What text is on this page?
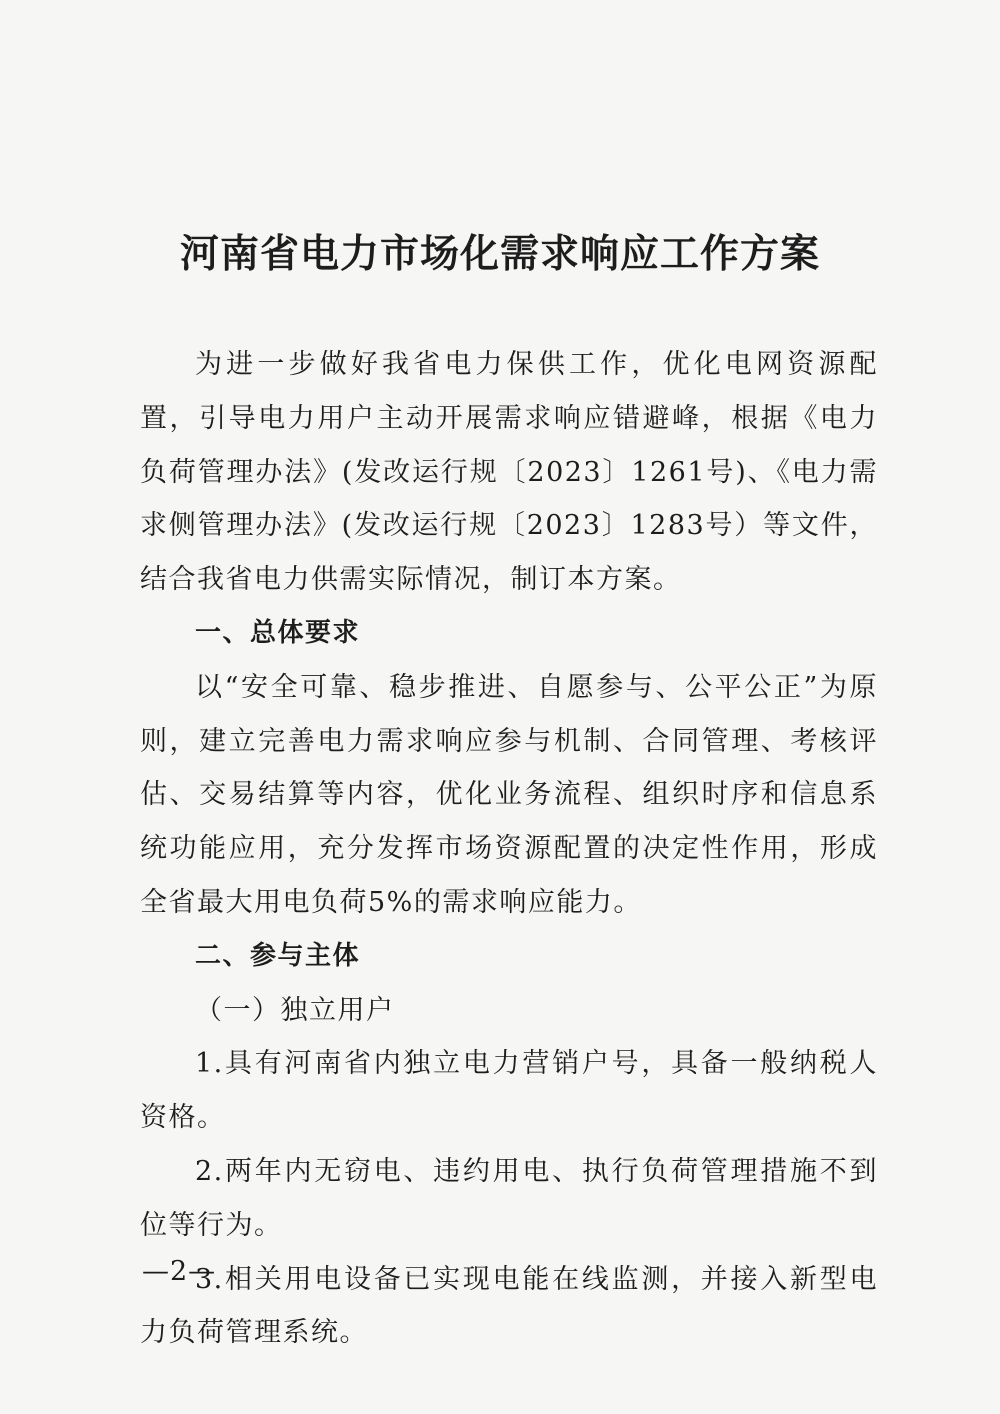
河南省电力市场化需求响应工作方案

为进一步做好我省电力保供工作，优化电网资源配置，引导电力用户主动开展需求响应错避峰，根据《电力负荷管理办法》(发改运行规〔2023〕1261号)、《电力需求侧管理办法》(发改运行规〔2023〕1283号）等文件，结合我省电力供需实际情况，制订本方案。

一、总体要求

以“安全可靠、稳步推进、自愿参与、公平公正”为原则，建立完善电力需求响应参与机制、合同管理、考核评估、交易结算等内容，优化业务流程、组织时序和信息系统功能应用，充分发挥市场资源配置的决定性作用，形成全省最大用电负荷5%的需求响应能力。

二、参与主体

（一）独立用户

1.具有河南省内独立电力营销户号，具备一般纳税人资格。

2.两年内无窃电、违约用电、执行负荷管理措施不到位等行为。

3.相关用电设备已实现电能在线监测，并接入新型电力负荷管理系统。

—2—
